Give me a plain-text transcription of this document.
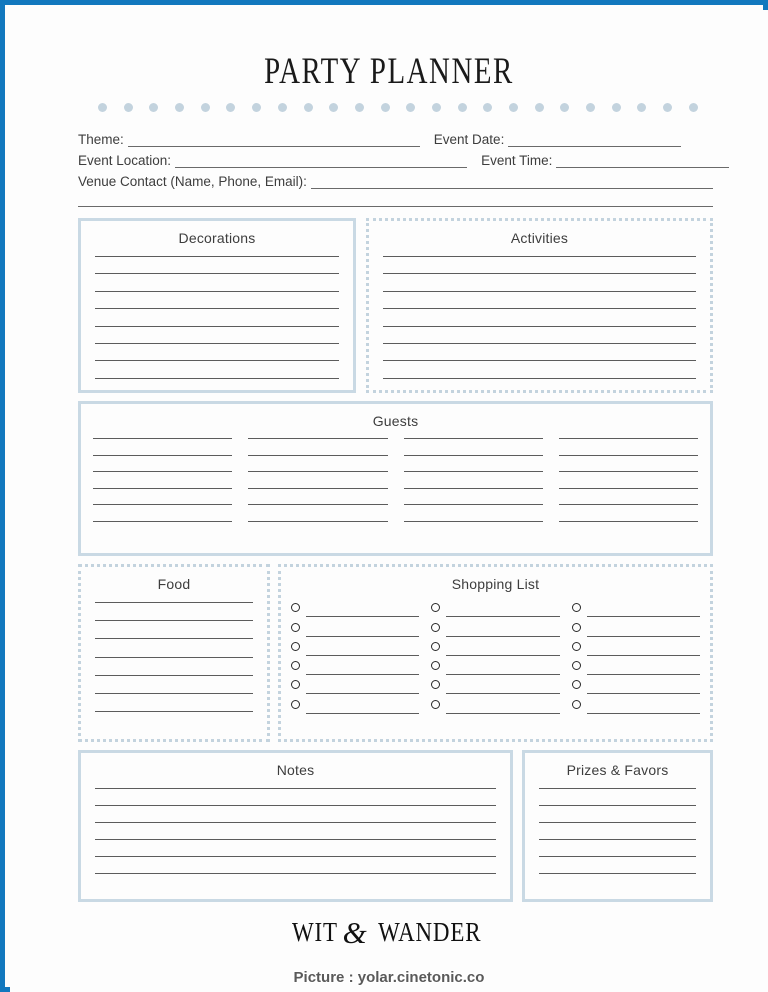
PARTY PLANNER
Theme:	Event Date:
Event Location:	Event Time:
Venue Contact (Name, Phone, Email):
Decorations	Activities
Guests
Food	Shopping List
Notes	Prizes & Favors
WIT & WANDER
Picture : yolar.cinetonic.co
